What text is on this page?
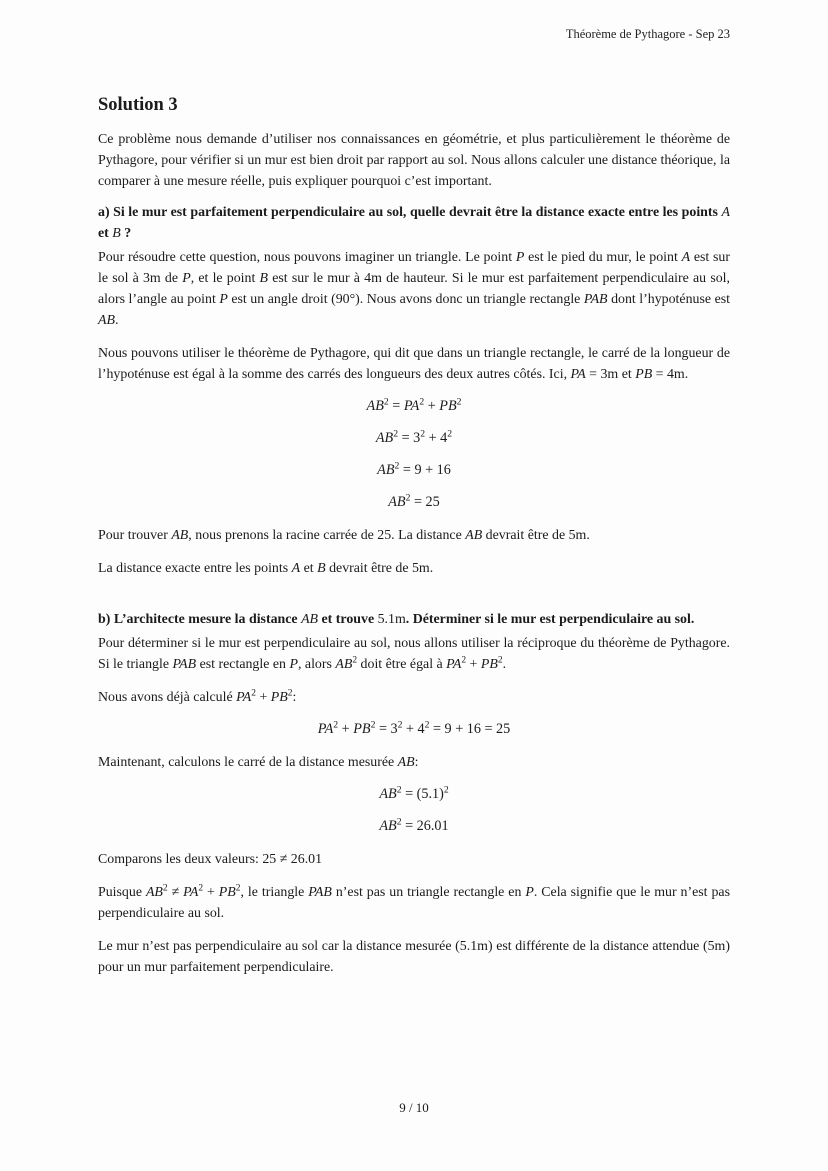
Théorème de Pythagore - Sep 23
Solution 3

Ce problème nous demande d’utiliser nos connaissances en géométrie, et plus particulièrement le théorème de Pythagore, pour vérifier si un mur est bien droit par rapport au sol. Nous allons calculer une distance théorique, la comparer à une mesure réelle, puis expliquer pourquoi c’est important.

a) Si le mur est parfaitement perpendiculaire au sol, quelle devrait être la distance exacte entre les points A et B ?

Pour résoudre cette question, nous pouvons imaginer un triangle. Le point P est le pied du mur, le point A est sur le sol à 3m de P, et le point B est sur le mur à 4m de hauteur. Si le mur est parfaitement perpendiculaire au sol, alors l’angle au point P est un angle droit (90°). Nous avons donc un triangle rectangle PAB dont l’hypoténuse est AB.

Nous pouvons utiliser le théorème de Pythagore, qui dit que dans un triangle rectangle, le carré de la longueur de l’hypoténuse est égal à la somme des carrés des longueurs des deux autres côtés. Ici, PA = 3m et PB = 4m.

$AB^2 = PA^2 + PB^2$
$AB^2 = 3^2 + 4^2$
$AB^2 = 9 + 16$
$AB^2 = 25$

Pour trouver AB, nous prenons la racine carrée de 25. La distance AB devrait être de 5m.

La distance exacte entre les points A et B devrait être de 5m.

b) L’architecte mesure la distance AB et trouve 5.1m. Déterminer si le mur est perpendiculaire au sol.

Pour déterminer si le mur est perpendiculaire au sol, nous allons utiliser la réciproque du théorème de Pythagore. Si le triangle PAB est rectangle en P, alors $AB^2$ doit être égal à $PA^2 + PB^2$.

Nous avons déjà calculé $PA^2 + PB^2$:

$PA^2 + PB^2 = 3^2 + 4^2 = 9 + 16 = 25$

Maintenant, calculons le carré de la distance mesurée AB:

$AB^2 = (5.1)^2$
$AB^2 = 26.01$

Comparons les deux valeurs: 25 ≠ 26.01

Puisque $AB^2 \ne PA^2 + PB^2$, le triangle PAB n’est pas un triangle rectangle en P. Cela signifie que le mur n’est pas perpendiculaire au sol.

Le mur n’est pas perpendiculaire au sol car la distance mesurée (5.1m) est différente de la distance attendue (5m) pour un mur parfaitement perpendiculaire.

9 / 10
